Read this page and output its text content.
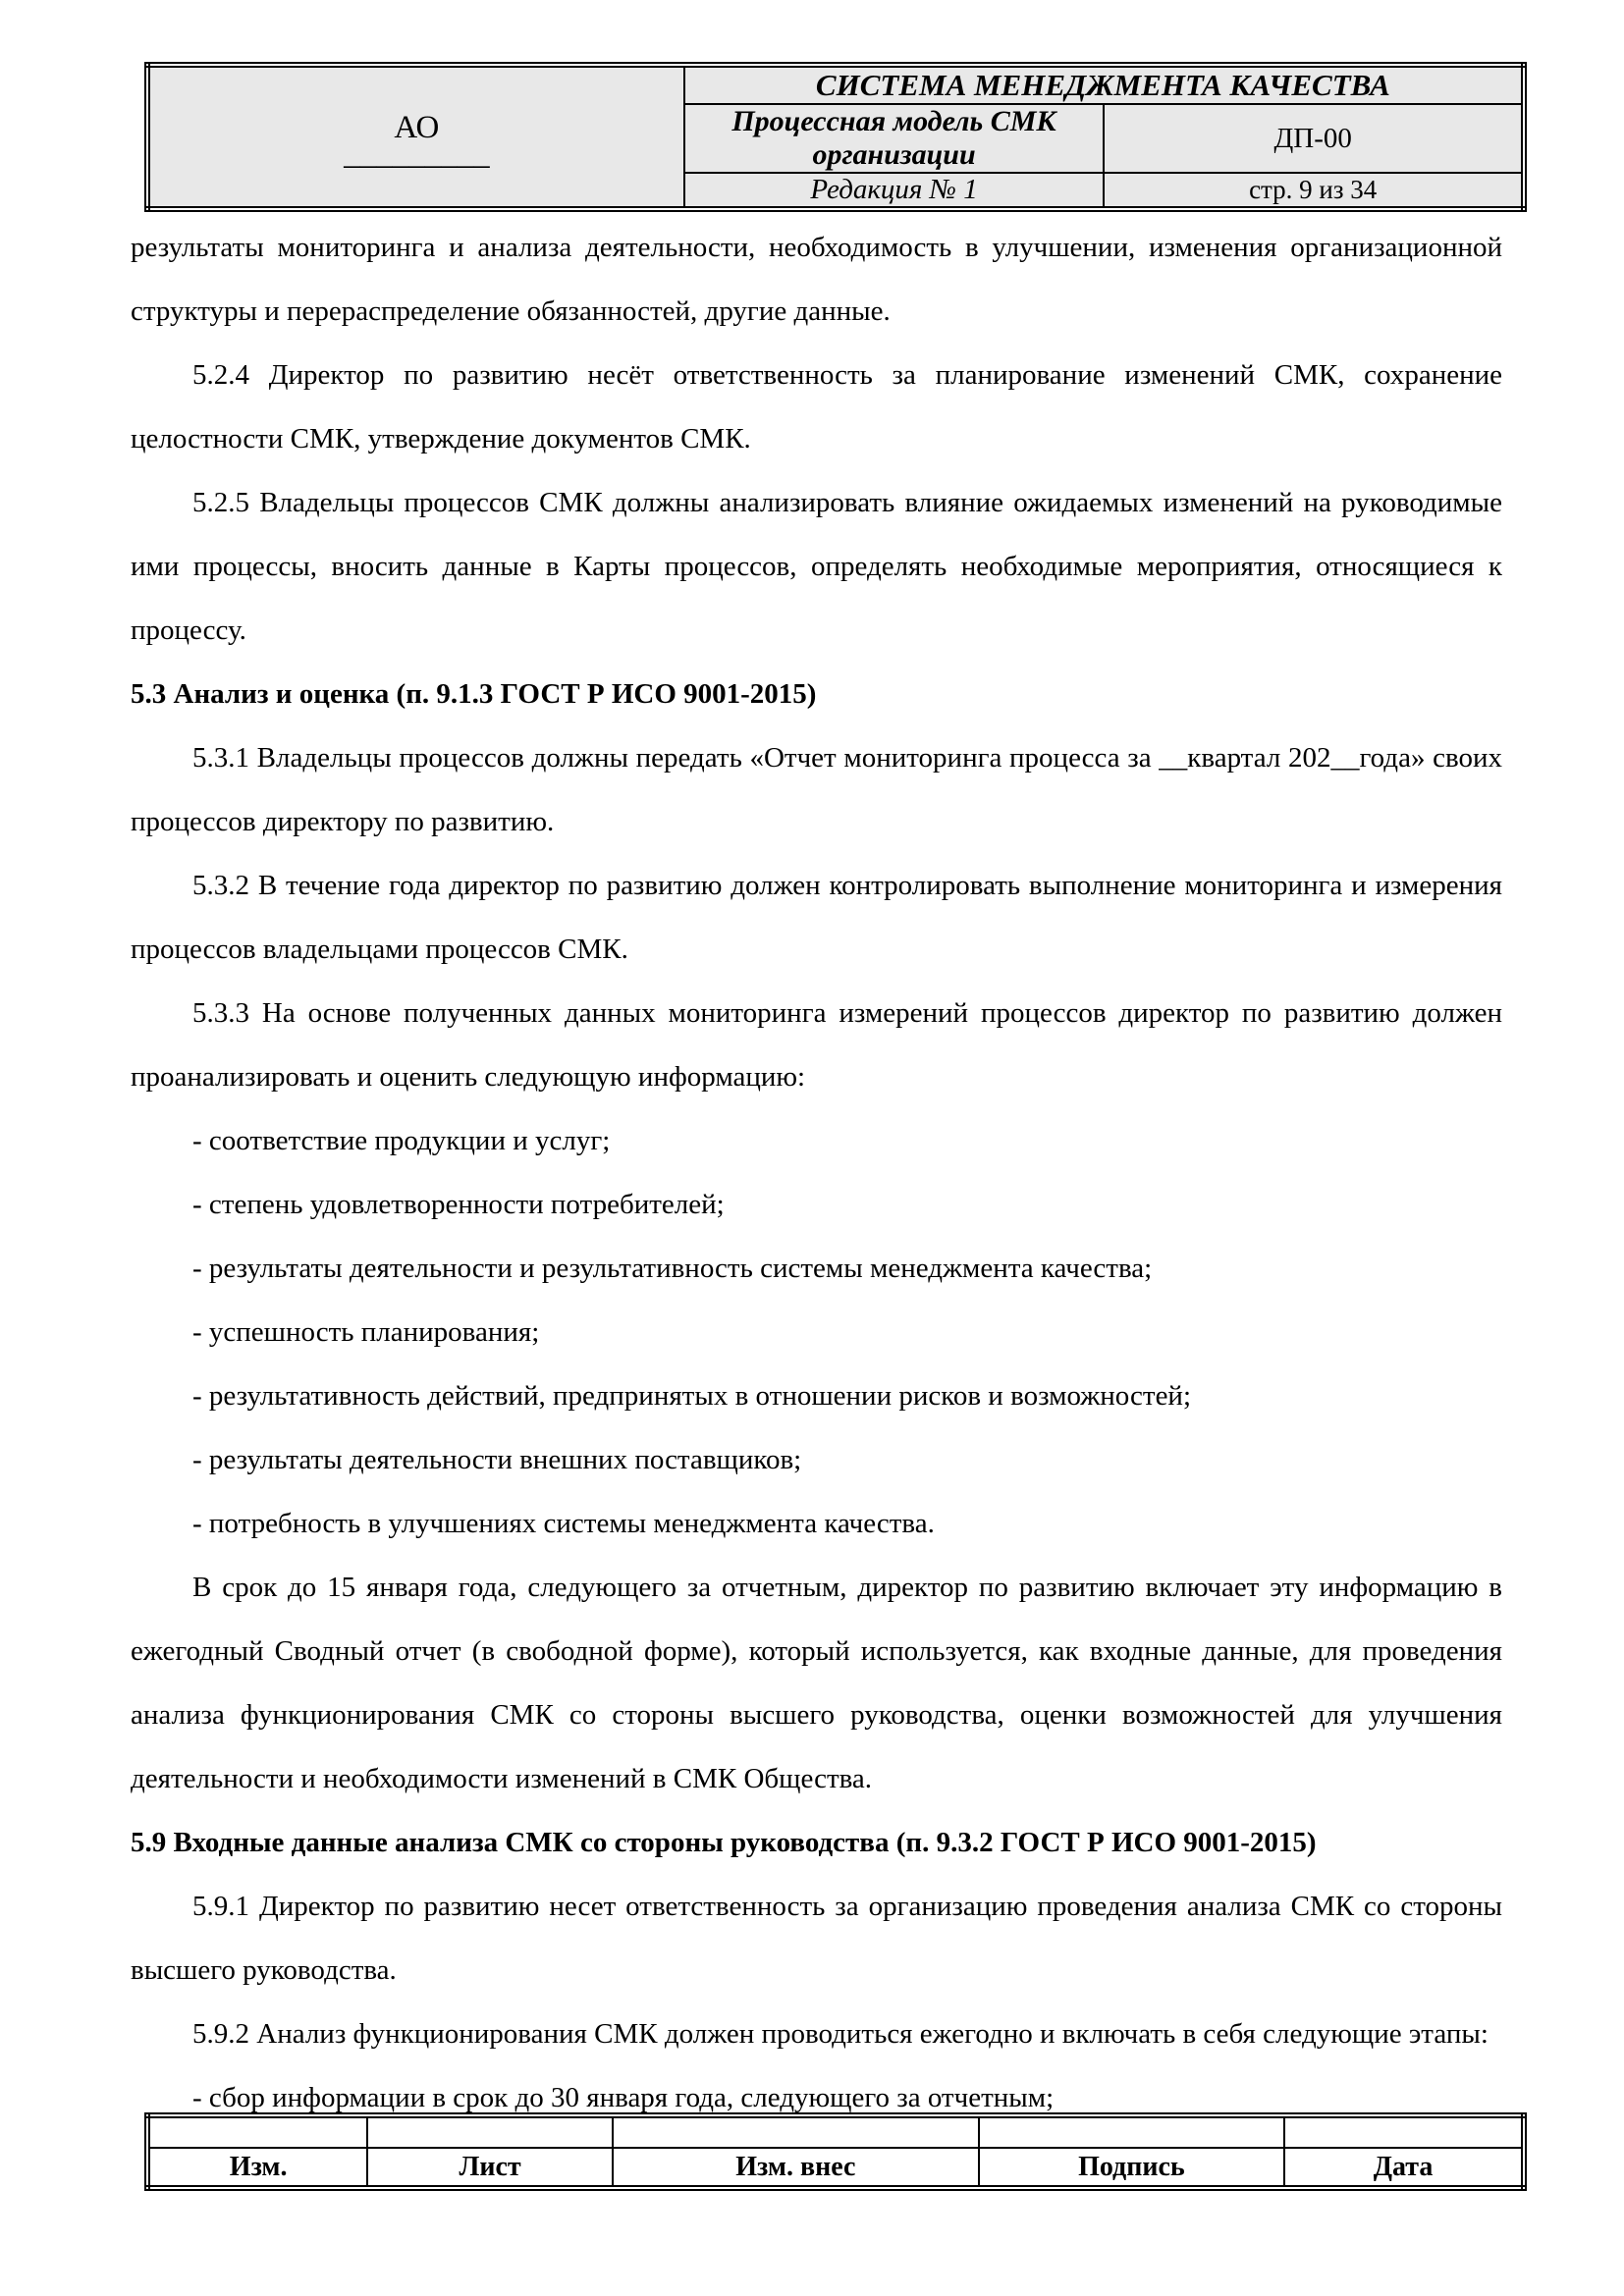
АО
_________	СИСТЕМА МЕНЕДЖМЕНТА КАЧЕСТВА	
	Процессная модель СМК организации	ДП-00
	Редакция № 1	стр. 9 из 34

результаты мониторинга и анализа деятельности, необходимость в улучшении, изменения организационной структуры и перераспределение обязанностей, другие данные.

5.2.4 Директор по развитию несёт ответственность за планирование изменений СМК, сохранение целостности СМК, утверждение документов СМК.

5.2.5 Владельцы процессов СМК должны анализировать влияние ожидаемых изменений на руководимые ими процессы, вносить данные в Карты процессов, определять необходимые мероприятия, относящиеся к процессу.

5.3 Анализ и оценка (п. 9.1.3 ГОСТ Р ИСО 9001-2015)

5.3.1 Владельцы процессов должны передать «Отчет мониторинга процесса за __квартал 202__года» своих процессов директору по развитию.

5.3.2 В течение года директор по развитию должен контролировать выполнение мониторинга и измерения процессов владельцами процессов СМК.

5.3.3 На основе полученных данных мониторинга измерений процессов директор по развитию должен проанализировать и оценить следующую информацию:

- соответствие продукции и услуг;

- степень удовлетворенности потребителей;

- результаты деятельности и результативность системы менеджмента качества;

- успешность планирования;

- результативность действий, предпринятых в отношении рисков и возможностей;

- результаты деятельности внешних поставщиков;

- потребность в улучшениях системы менеджмента качества.

В срок до 15 января года, следующего за отчетным, директор по развитию включает эту информацию в ежегодный Сводный отчет (в свободной форме), который используется, как входные данные, для проведения анализа функционирования СМК со стороны высшего руководства, оценки возможностей для улучшения деятельности и необходимости изменений в СМК Общества.

5.9 Входные данные анализа СМК со стороны руководства (п. 9.3.2 ГОСТ Р ИСО 9001-2015)

5.9.1 Директор по развитию несет ответственность за организацию проведения анализа СМК со стороны высшего руководства.

5.9.2 Анализ функционирования СМК должен проводиться ежегодно и включать в себя следующие этапы:

- сбор информации в срок до 30 января года, следующего за отчетным;

Изм.	Лист	Изм. внес	Подпись	Дата
